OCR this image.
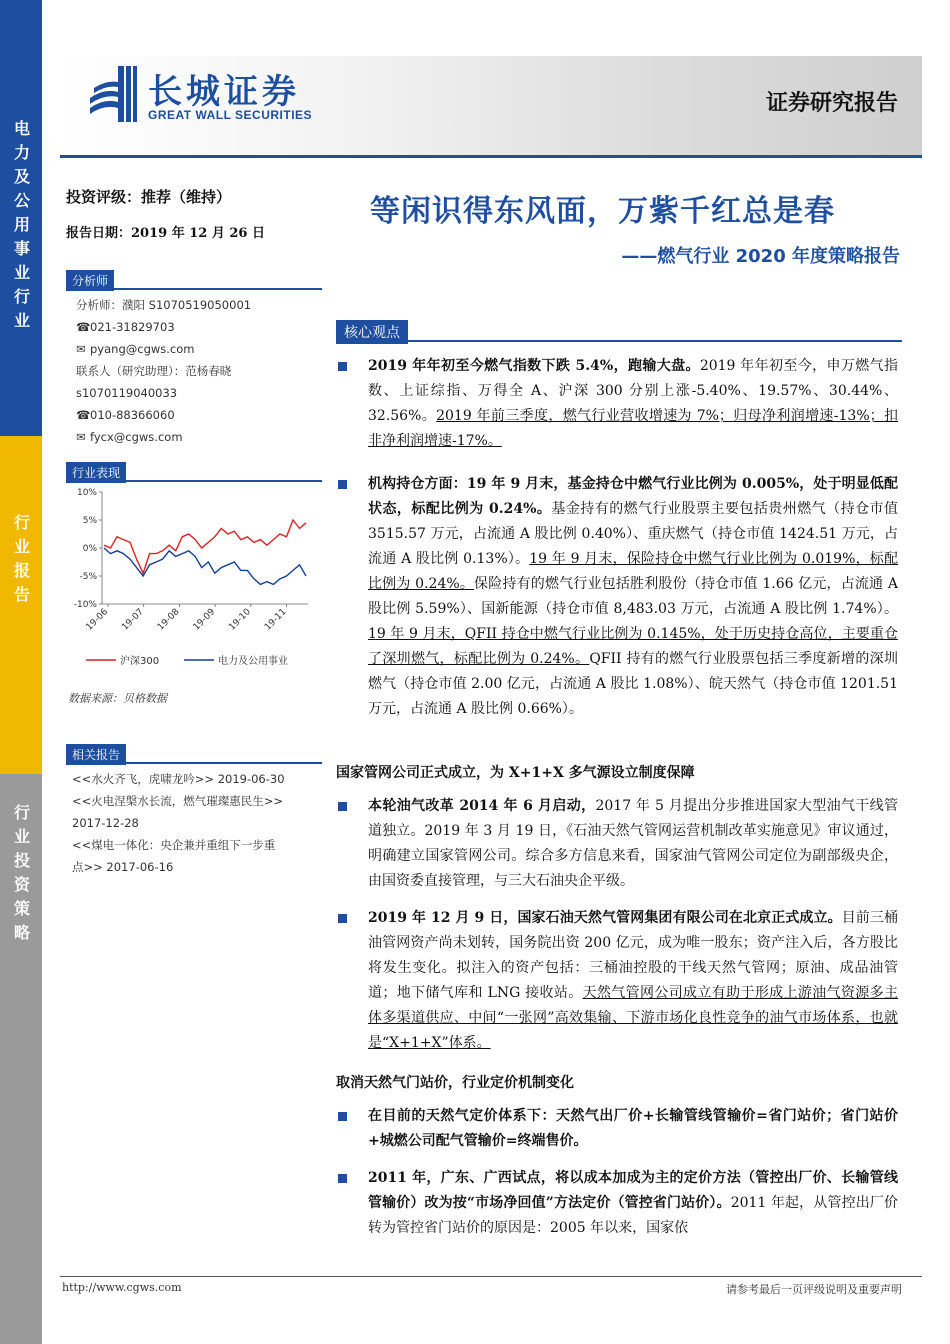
电力及公用事业行业
行业报告
行业投资策略
长城证券
GREAT WALL SECURITIES	证券研究报告
投资评级：推荐（维持）
报告日期：2019 年 12 月 26 日
分析师
分析师：濮阳 S1070519050001
☎021-31829703
✉ pyang@cgws.com
联系人（研究助理）：范杨春晓
s1070119040033
☎010-88366060
✉ fycx@cgws.com
行业表现
10%
5%
0%
-5%
-10%
19-06 19-07 19-08 19-09 19-10 19-11
沪深300	电力及公用事业
数据来源：贝格数据
相关报告
<<水火齐飞，虎啸龙吟>> 2019-06-30
<<火电涅槃水长流，燃气璀璨惠民生>>
2017-12-28
<<煤电一体化：央企兼并重组下一步重
点>> 2017-06-16
等闲识得东风面，万紫千红总是春
——燃气行业 2020 年度策略报告
核心观点
2019 年年初至今燃气指数下跌 5.4%，跑输大盘。2019 年年初至今，申万燃气指数、上证综指、万得全 A、沪深 300 分别上涨-5.40%、19.57%、30.44%、32.56%。2019 年前三季度，燃气行业营收增速为 7%；归母净利润增速-13%；扣非净利润增速-17%。
机构持仓方面：19 年 9 月末，基金持仓中燃气行业比例为 0.005%，处于明显低配状态，标配比例为 0.24%。基金持有的燃气行业股票主要包括贵州燃气（持仓市值 3515.57 万元，占流通 A 股比例 0.40%）、重庆燃气（持仓市值 1424.51 万元，占流通 A 股比例 0.13%）。19 年 9 月末，保险持仓中燃气行业比例为 0.019%，标配比例为 0.24%。保险持有的燃气行业包括胜利股份（持仓市值 1.66 亿元，占流通 A 股比例 5.59%）、国新能源（持仓市值 8,483.03 万元，占流通 A 股比例 1.74%）。19 年 9 月末，QFII 持仓中燃气行业比例为 0.145%，处于历史持仓高位，主要重仓了深圳燃气，标配比例为 0.24%。QFII 持有的燃气行业股票包括三季度新增的深圳燃气（持仓市值 2.00 亿元，占流通 A 股比 1.08%）、皖天然气（持仓市值 1201.51 万元，占流通 A 股比例 0.66%）。
国家管网公司正式成立，为 X+1+X 多气源设立制度保障
本轮油气改革 2014 年 6 月启动，2017 年 5 月提出分步推进国家大型油气干线管道独立。2019 年 3 月 19 日，《石油天然气管网运营机制改革实施意见》审议通过，明确建立国家管网公司。综合多方信息来看，国家油气管网公司定位为副部级央企，由国资委直接管理，与三大石油央企平级。
2019 年 12 月 9 日，国家石油天然气管网集团有限公司在北京正式成立。目前三桶油管网资产尚未划转，国务院出资 200 亿元，成为唯一股东；资产注入后，各方股比将发生变化。拟注入的资产包括：三桶油控股的干线天然气管网；原油、成品油管道；地下储气库和 LNG 接收站。天然气管网公司成立有助于形成上游油气资源多主体多渠道供应、中间“一张网”高效集输、下游市场化良性竞争的油气市场体系，也就是“X+1+X”体系。
取消天然气门站价，行业定价机制变化
在目前的天然气定价体系下：天然气出厂价+长输管线管输价=省门站价；省门站价+城燃公司配气管输价=终端售价。
2011 年，广东、广西试点，将以成本加成为主的定价方法（管控出厂价、长输管线管输价）改为按“市场净回值”方法定价（管控省门站价）。2011 年起，从管控出厂价转为管控省门站价的原因是：2005 年以来，国家依
http://www.cgws.com	请参考最后一页评级说明及重要声明
